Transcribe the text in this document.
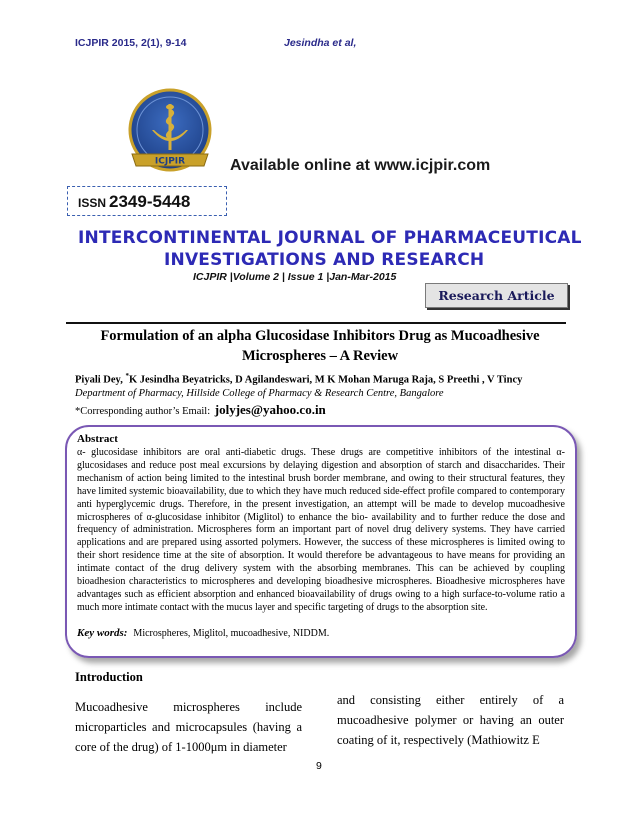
ICJPIR 2015, 2(1), 9-14	Jesindha et al,
ICJPIR	Available online at www.icjpir.com
ISSN 2349-5448
INTERCONTINENTAL JOURNAL OF PHARMACEUTICAL
INVESTIGATIONS AND RESEARCH
ICJPIR |Volume 2 | Issue 1 |Jan-Mar-2015
Research Article
Formulation of an alpha Glucosidase Inhibitors Drug as Mucoadhesive Microspheres – A Review
Piyali Dey, *K Jesindha Beyatricks, D Agilandeswari, M K Mohan Maruga Raja, S Preethi , V Tincy
Department of Pharmacy, Hillside College of Pharmacy & Research Centre, Bangalore
*Corresponding author’s Email: jolyjes@yahoo.co.in
Abstract
α- glucosidase inhibitors are oral anti-diabetic drugs. These drugs are competitive inhibitors of the intestinal α-glucosidases and reduce post meal excursions by delaying digestion and absorption of starch and disaccharides. Their mechanism of action being limited to the intestinal brush border membrane, and owing to their structural features, they have limited systemic bioavailability, due to which they have much reduced side-effect profile compared to contemporary anti hyperglycemic drugs. Therefore, in the present investigation, an attempt will be made to develop mucoadhesive microspheres of α-glucosidase inhibitor (Miglitol) to enhance the bio- availability and to further reduce the dose and frequency of administration. Microspheres form an important part of novel drug delivery systems. They have carried applications and are prepared using assorted polymers. However, the success of these microspheres is limited owing to their short residence time at the site of absorption. It would therefore be advantageous to have means for providing an intimate contact of the drug delivery system with the absorbing membranes. This can be achieved by coupling bioadhesion characteristics to microspheres and developing bioadhesive microspheres. Bioadhesive microspheres have advantages such as efficient absorption and enhanced bioavailability of drugs owing to a high surface-to-volume ratio a much more intimate contact with the mucus layer and specific targeting of drugs to the absorption site.
Key words: Microspheres, Miglitol, mucoadhesive, NIDDM.
Introduction
Mucoadhesive microspheres include microparticles and microcapsules (having a core of the drug) of 1-1000μm in diameter
and consisting either entirely of a mucoadhesive polymer or having an outer coating of it, respectively (Mathiowitz E
9
